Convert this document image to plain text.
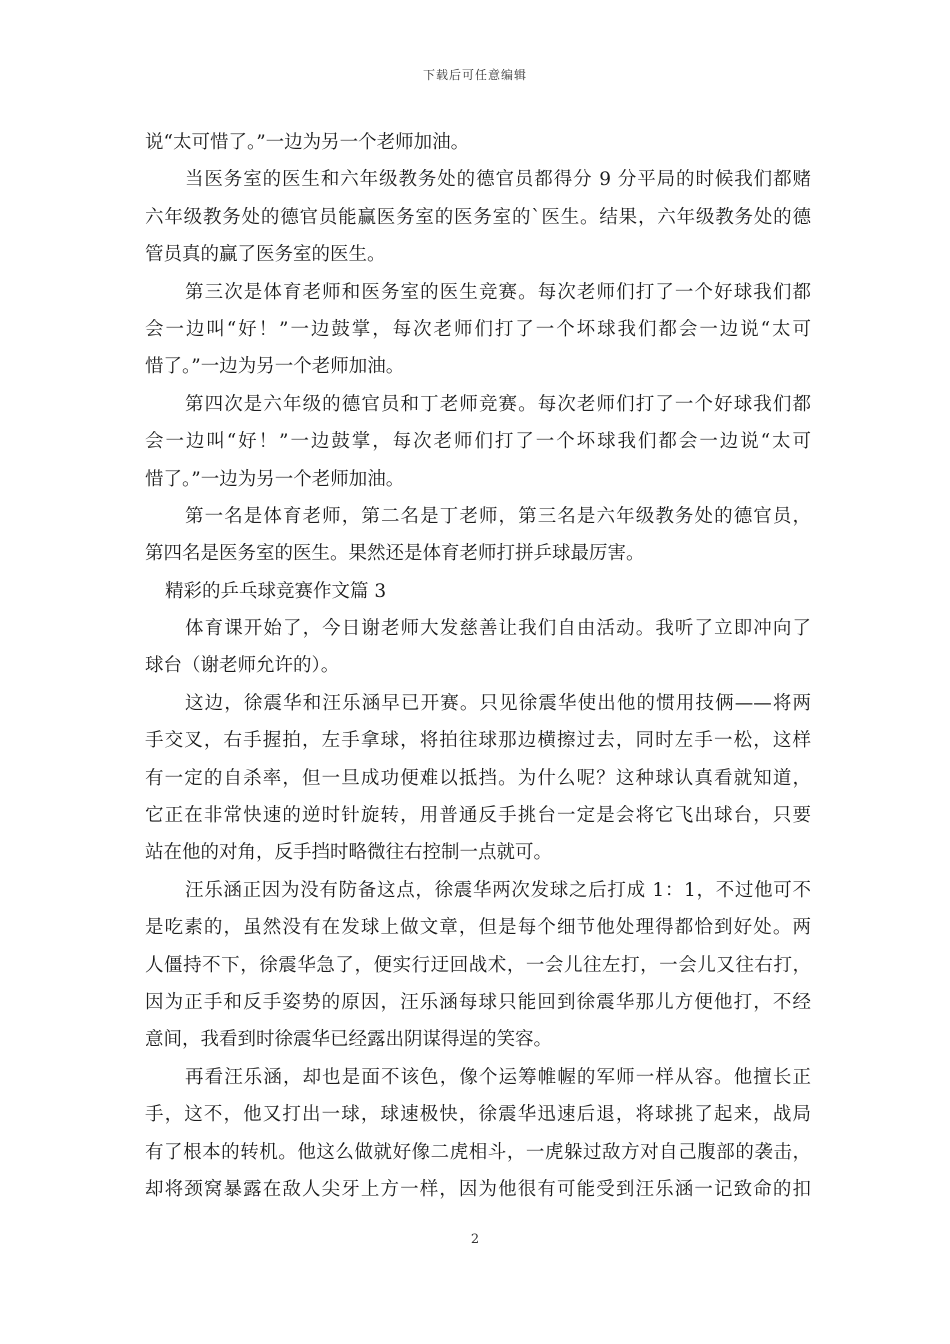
下载后可任意编辑
说“太可惜了。”一边为另一个老师加油。
当医务室的医生和六年级教务处的德官员都得分 9 分平局的时候我们都赌
六年级教务处的德官员能赢医务室的医务室的`医生。结果，六年级教务处的德
管员真的赢了医务室的医生。
第三次是体育老师和医务室的医生竞赛。每次老师们打了一个好球我们都
会一边叫“好！”一边鼓掌，每次老师们打了一个坏球我们都会一边说“太可
惜了。”一边为另一个老师加油。
第四次是六年级的德官员和丁老师竞赛。每次老师们打了一个好球我们都
会一边叫“好！”一边鼓掌，每次老师们打了一个坏球我们都会一边说“太可
惜了。”一边为另一个老师加油。
第一名是体育老师，第二名是丁老师，第三名是六年级教务处的德官员，
第四名是医务室的医生。果然还是体育老师打拼乒球最厉害。
精彩的乒乓球竞赛作文篇 3
体育课开始了，今日谢老师大发慈善让我们自由活动。我听了立即冲向了
球台（谢老师允许的）。
这边，徐震华和汪乐涵早已开赛。只见徐震华使出他的惯用技俩——将两
手交叉，右手握拍，左手拿球，将拍往球那边横擦过去，同时左手一松，这样
有一定的自杀率，但一旦成功便难以抵挡。为什么呢？这种球认真看就知道，
它正在非常快速的逆时针旋转，用普通反手挑台一定是会将它飞出球台，只要
站在他的对角，反手挡时略微往右控制一点就可。
汪乐涵正因为没有防备这点，徐震华两次发球之后打成 1：1，不过他可不
是吃素的，虽然没有在发球上做文章，但是每个细节他处理得都恰到好处。两
人僵持不下，徐震华急了，便实行迂回战术，一会儿往左打，一会儿又往右打，
因为正手和反手姿势的原因，汪乐涵每球只能回到徐震华那儿方便他打，不经
意间，我看到时徐震华已经露出阴谋得逞的笑容。
再看汪乐涵，却也是面不该色，像个运筹帷幄的军师一样从容。他擅长正
手，这不，他又打出一球，球速极快，徐震华迅速后退，将球挑了起来，战局
有了根本的转机。他这么做就好像二虎相斗，一虎躲过敌方对自己腹部的袭击，
却将颈窝暴露在敌人尖牙上方一样，因为他很有可能受到汪乐涵一记致命的扣
2
